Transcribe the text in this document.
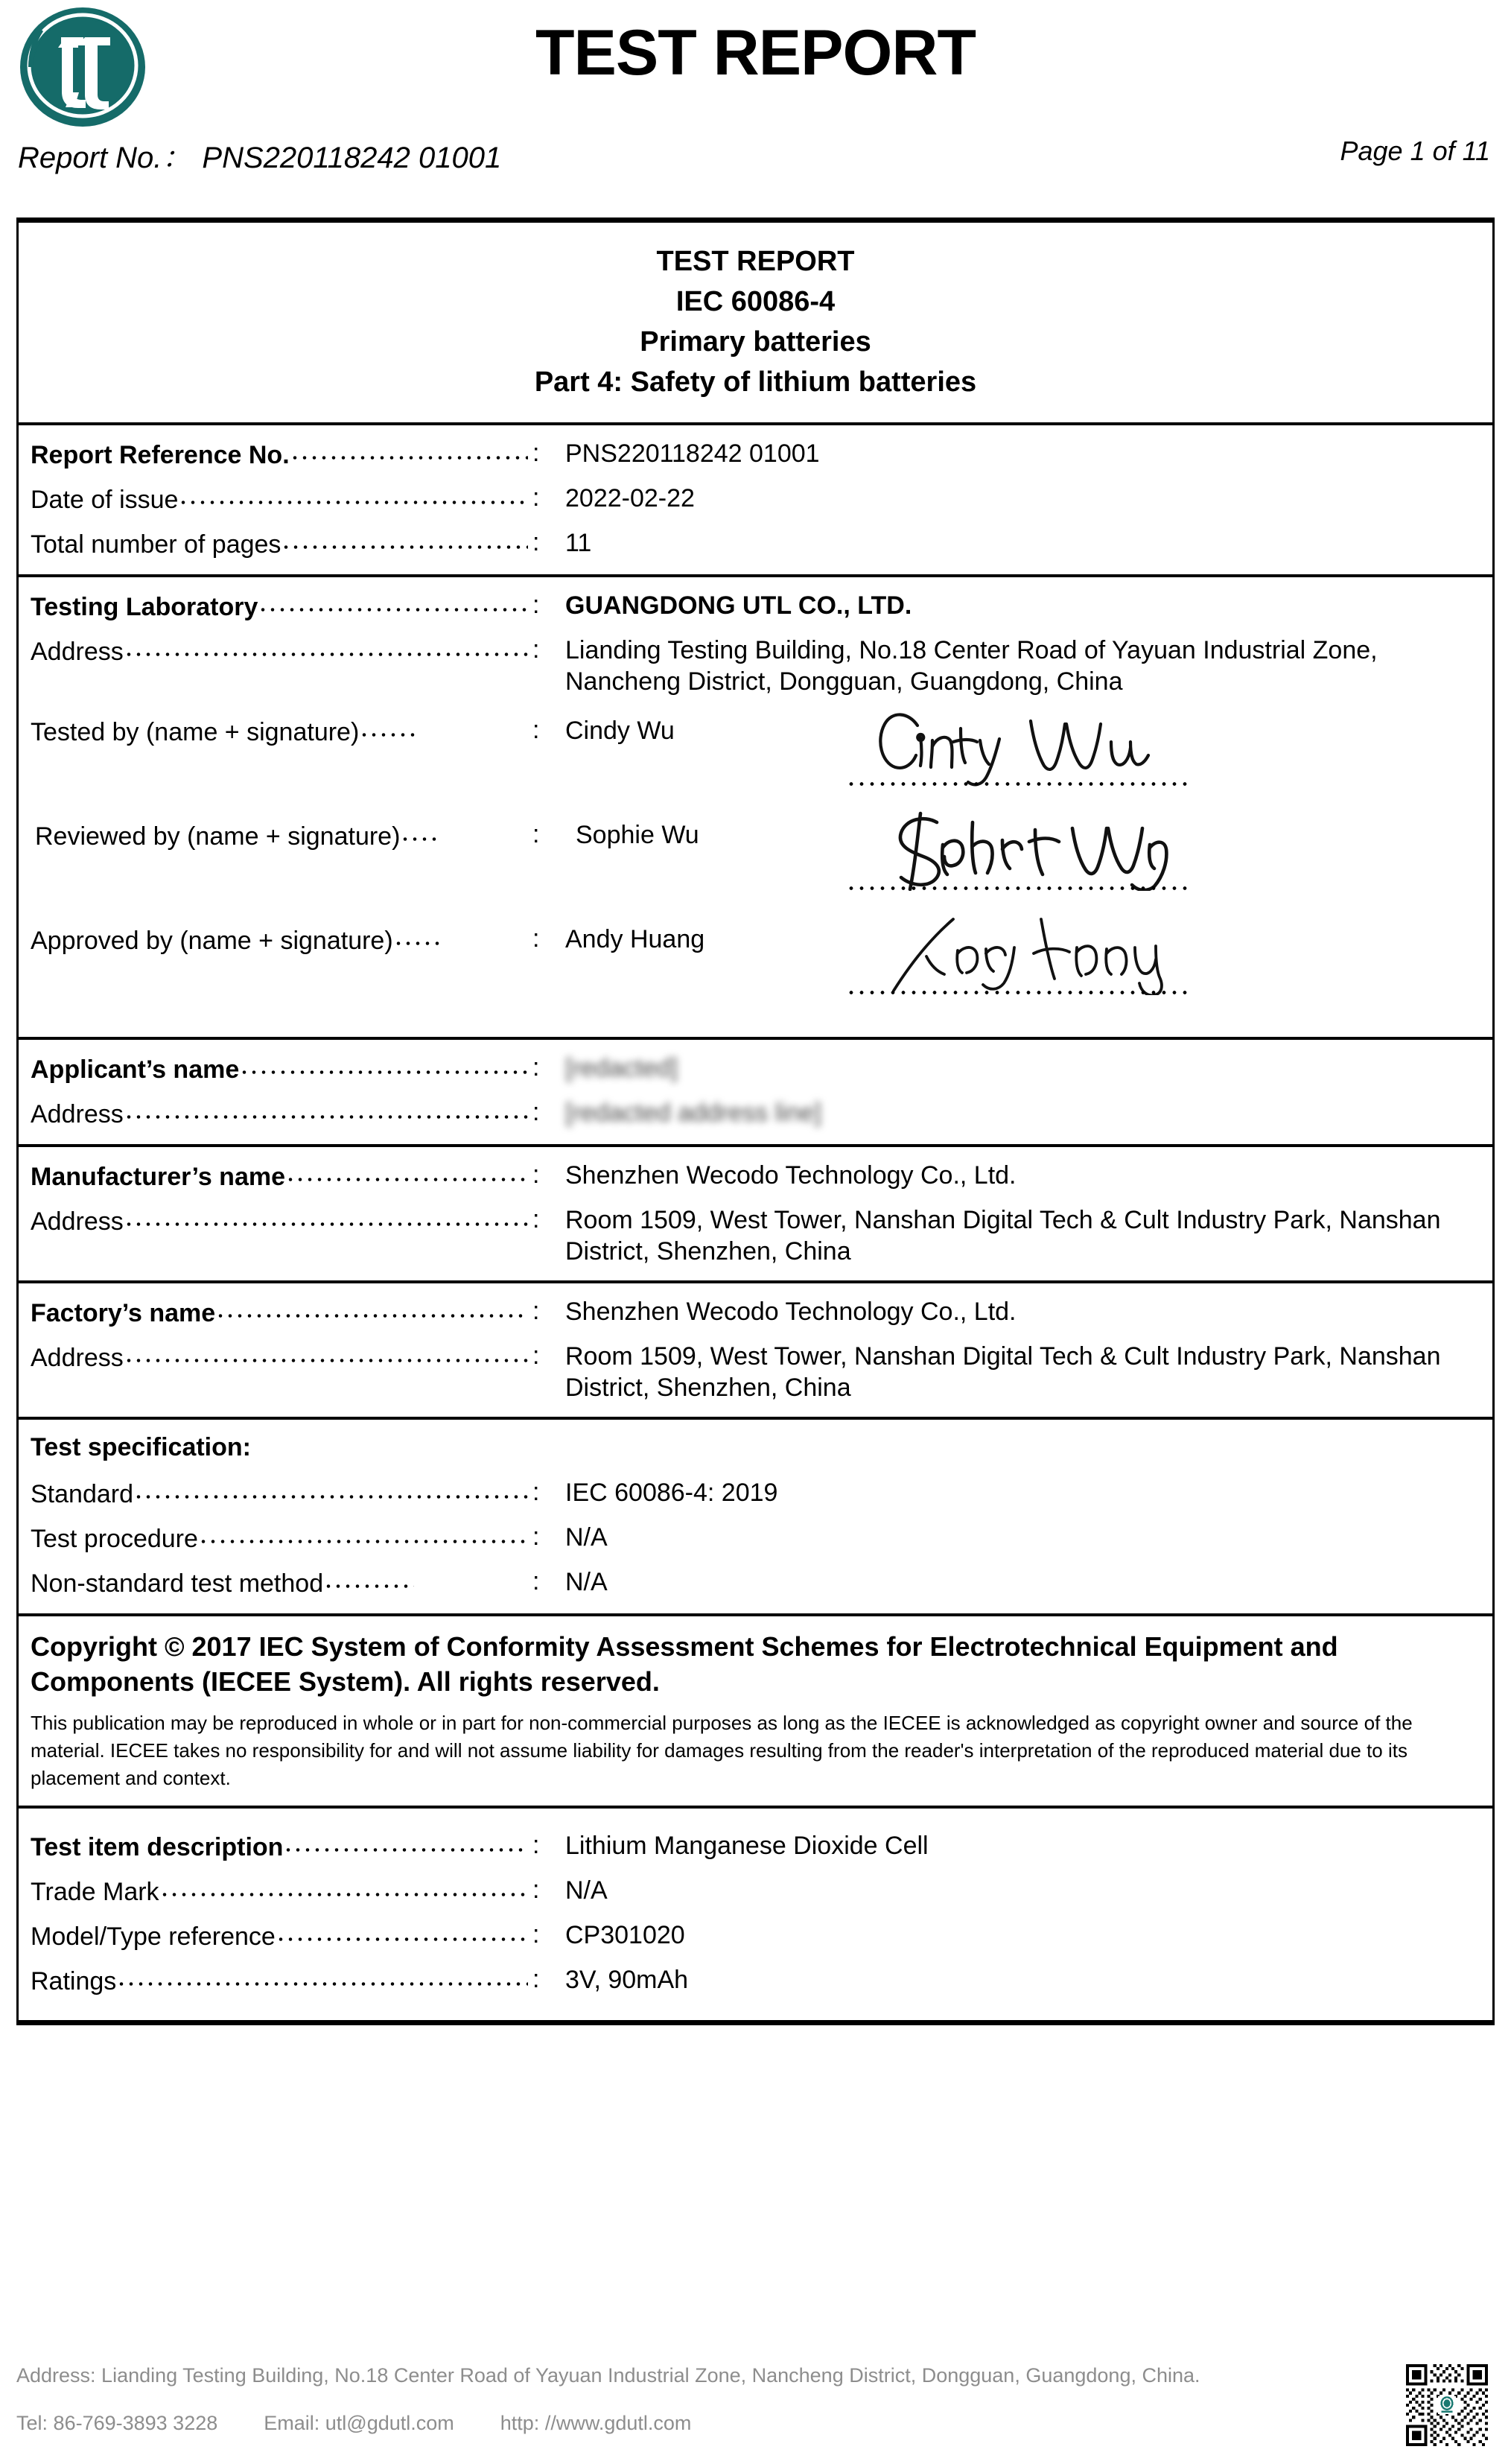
TEST REPORT
Report No.： PNS220118242 01001	Page 1 of 11
TEST REPORT
IEC 60086-4
Primary batteries
Part 4: Safety of lithium batteries
Report Reference No.	:	PNS220118242 01001
Date of issue	:	2022-02-22
Total number of pages	:	11
Testing Laboratory	:	GUANGDONG UTL CO., LTD.
Address	:	Lianding Testing Building, No.18 Center Road of Yayuan Industrial Zone, Nancheng District, Dongguan, Guangdong, China
Tested by (name + signature)	:	Cindy Wu
Reviewed by (name + signature)	:	Sophie Wu
Approved by (name + signature)	:	Andy Huang
Applicant’s name	:	[redacted]
Address	:	[redacted address line]
Manufacturer’s name	:	Shenzhen Wecodo Technology Co., Ltd.
Address	:	Room 1509, West Tower, Nanshan Digital Tech & Cult Industry Park, Nanshan District, Shenzhen, China
Factory’s name	:	Shenzhen Wecodo Technology Co., Ltd.
Address	:	Room 1509, West Tower, Nanshan Digital Tech & Cult Industry Park, Nanshan District, Shenzhen, China
Test specification:
Standard	:	IEC 60086-4: 2019
Test procedure	:	N/A
Non-standard test method	:	N/A
Copyright © 2017 IEC System of Conformity Assessment Schemes for Electrotechnical Equipment and Components (IECEE System). All rights reserved.
This publication may be reproduced in whole or in part for non-commercial purposes as long as the IECEE is acknowledged as copyright owner and source of the material. IECEE takes no responsibility for and will not assume liability for damages resulting from the reader's interpretation of the reproduced material due to its placement and context.
Test item description	:	Lithium Manganese Dioxide Cell
Trade Mark	:	N/A
Model/Type reference	:	CP301020
Ratings	:	3V, 90mAh
Address: Lianding Testing Building, No.18 Center Road of Yayuan Industrial Zone, Nancheng District, Dongguan, Guangdong, China.
Tel: 86-769-3893 3228 Email: utl@gdutl.com http: //www.gdutl.com
